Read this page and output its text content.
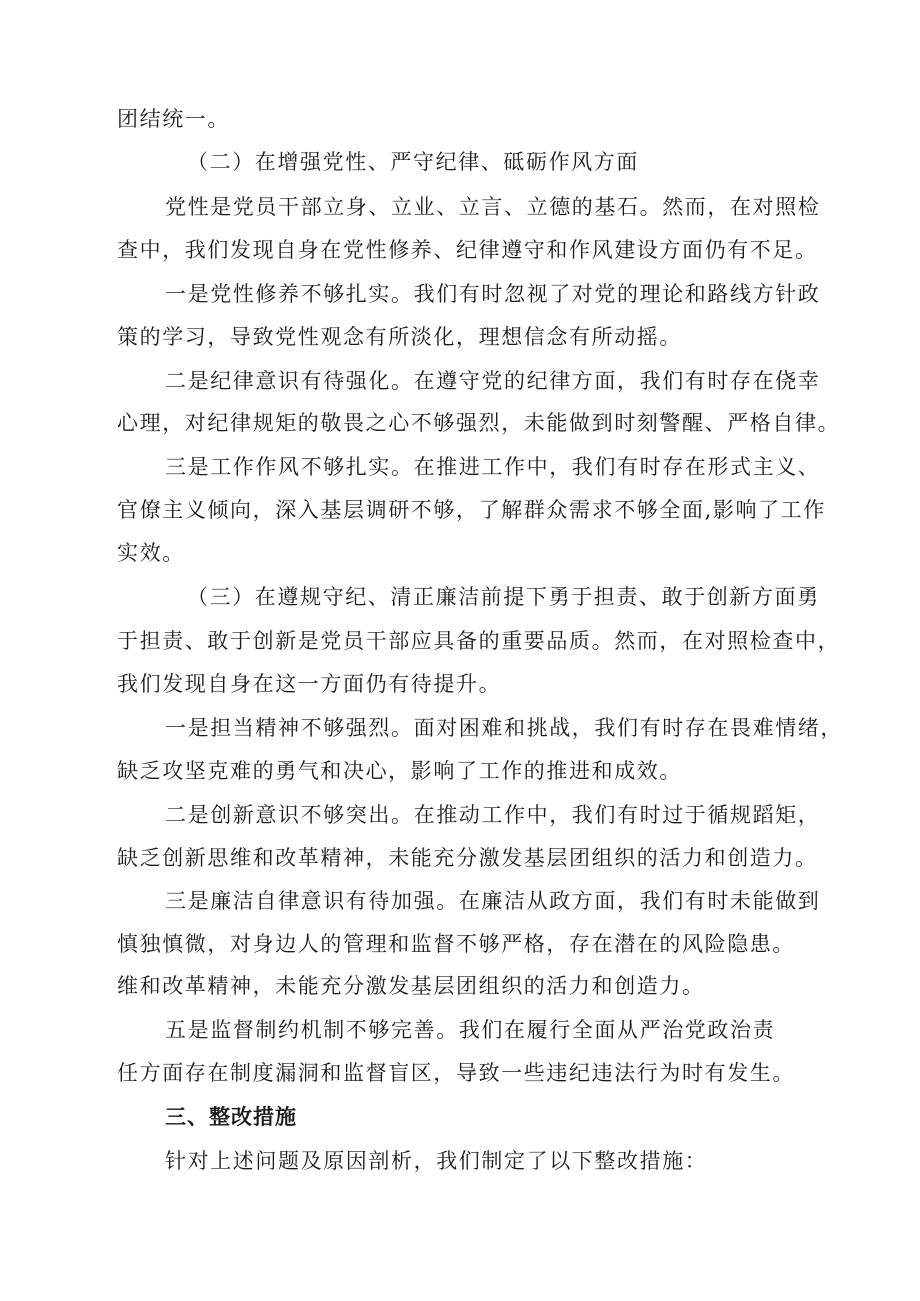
团结统一。
（二）在增强党性、严守纪律、砥砺作风方面
党性是党员干部立身、立业、立言、立德的基石。然而，在对照检
查中，我们发现自身在党性修养、纪律遵守和作风建设方面仍有不足。
一是党性修养不够扎实。我们有时忽视了对党的理论和路线方针政
策的学习，导致党性观念有所淡化，理想信念有所动摇。
二是纪律意识有待强化。在遵守党的纪律方面，我们有时存在侥幸
心理，对纪律规矩的敬畏之心不够强烈，未能做到时刻警醒、严格自律。
三是工作作风不够扎实。在推进工作中，我们有时存在形式主义、
官僚主义倾向，深入基层调研不够，了解群众需求不够全面,影响了工作
实效。
（三）在遵规守纪、清正廉洁前提下勇于担责、敢于创新方面勇
于担责、敢于创新是党员干部应具备的重要品质。然而，在对照检查中，
我们发现自身在这一方面仍有待提升。
一是担当精神不够强烈。面对困难和挑战，我们有时存在畏难情绪，
缺乏攻坚克难的勇气和决心，影响了工作的推进和成效。
二是创新意识不够突出。在推动工作中，我们有时过于循规蹈矩，
缺乏创新思维和改革精神，未能充分激发基层团组织的活力和创造力。
三是廉洁自律意识有待加强。在廉洁从政方面，我们有时未能做到
慎独慎微，对身边人的管理和监督不够严格，存在潜在的风险隐患。
维和改革精神，未能充分激发基层团组织的活力和创造力。
五是监督制约机制不够完善。我们在履行全面从严治党政治责
任方面存在制度漏洞和监督盲区，导致一些违纪违法行为时有发生。
三、整改措施
针对上述问题及原因剖析，我们制定了以下整改措施：
